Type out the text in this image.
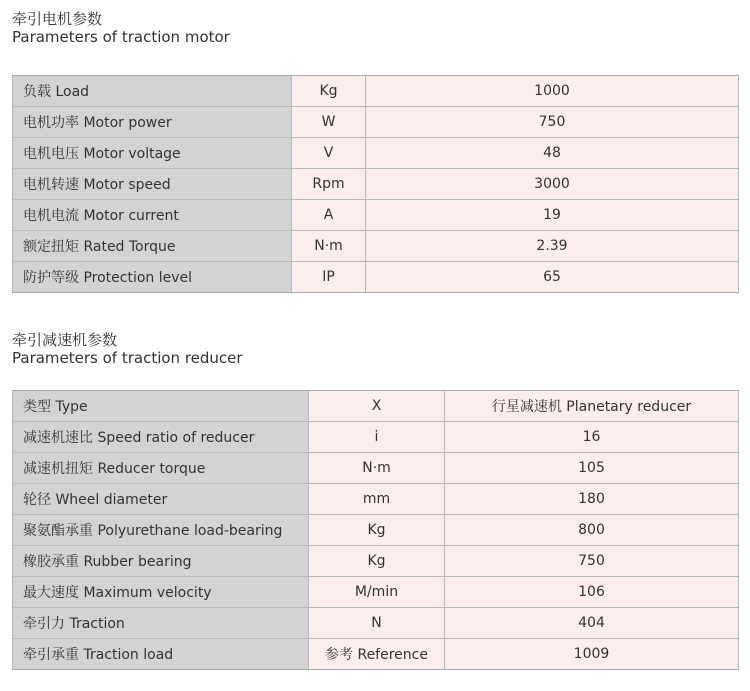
牵引电机参数
Parameters of traction motor
负载 Load	Kg	1000
电机功率 Motor power	W	750
电机电压 Motor voltage	V	48
电机转速 Motor speed	Rpm	3000
电机电流 Motor current	A	19
额定扭矩 Rated Torque	N·m	2.39
防护等级 Protection level	IP	65
牵引减速机参数
Parameters of traction reducer
类型 Type	X	行星减速机 Planetary reducer
减速机速比 Speed ratio of reducer	i	16
减速机扭矩 Reducer torque	N·m	105
轮径 Wheel diameter	mm	180
聚氨酯承重 Polyurethane load-bearing	Kg	800
橡胶承重 Rubber bearing	Kg	750
最大速度 Maximum velocity	M/min	106
牵引力 Traction	N	404
牵引承重 Traction load	参考 Reference	1009
